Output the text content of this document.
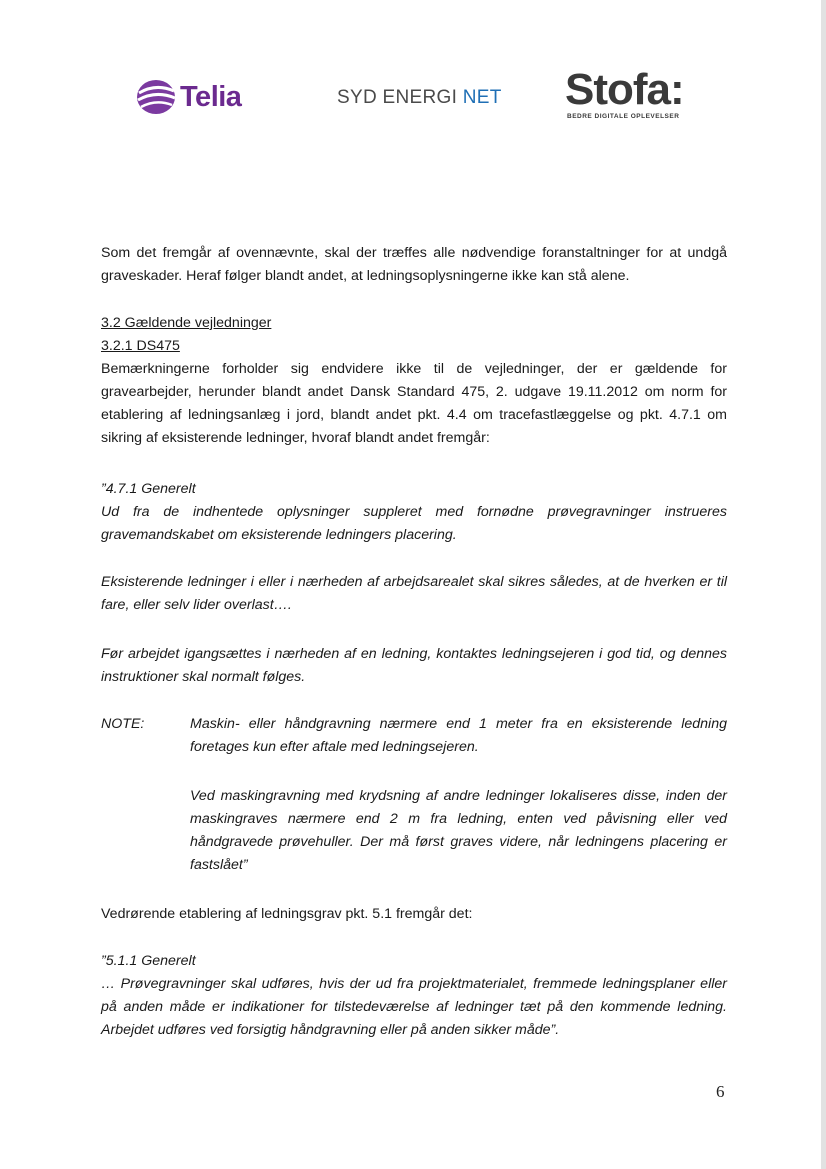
Telia	SYD ENERGI NET Stofa:
BEDRE DIGITALE OPLEVELSER

Som det fremgår af ovennævnte, skal der træffes alle nødvendige foranstaltninger for at undgå graveskader. Heraf følger blandt andet, at ledningsoplysningerne ikke kan stå alene.

3.2 Gældende vejledninger
3.2.1 DS475

Bemærkningerne forholder sig endvidere ikke til de vejledninger, der er gældende for gravearbejder, herunder blandt andet Dansk Standard 475, 2. udgave 19.11.2012 om norm for etablering af ledningsanlæg i jord, blandt andet pkt. 4.4 om tracefastlæggelse og pkt. 4.7.1 om sikring af eksisterende ledninger, hvoraf blandt andet fremgår:

”4.7.1 Generelt

Ud fra de indhentede oplysninger suppleret med fornødne prøvegravninger instrueres gravemandskabet om eksisterende ledningers placering.

Eksisterende ledninger i eller i nærheden af arbejdsarealet skal sikres således, at de hverken er til fare, eller selv lider overlast….

Før arbejdet igangsættes i nærheden af en ledning, kontaktes ledningsejeren i god tid, og dennes instruktioner skal normalt følges.

NOTE:	Maskin- eller håndgravning nærmere end 1 meter fra en eksisterende ledning foretages kun efter aftale med ledningsejeren.

Ved maskingravning med krydsning af andre ledninger lokaliseres disse, inden der maskingraves nærmere end 2 m fra ledning, enten ved påvisning eller ved håndgravede prøvehuller. Der må først graves videre, når ledningens placering er fastslået”

Vedrørende etablering af ledningsgrav pkt. 5.1 fremgår det:

”5.1.1 Generelt

… Prøvegravninger skal udføres, hvis der ud fra projektmaterialet, fremmede ledningsplaner eller på anden måde er indikationer for tilstedeværelse af ledninger tæt på den kommende ledning. Arbejdet udføres ved forsigtig håndgravning eller på anden sikker måde”.

6
